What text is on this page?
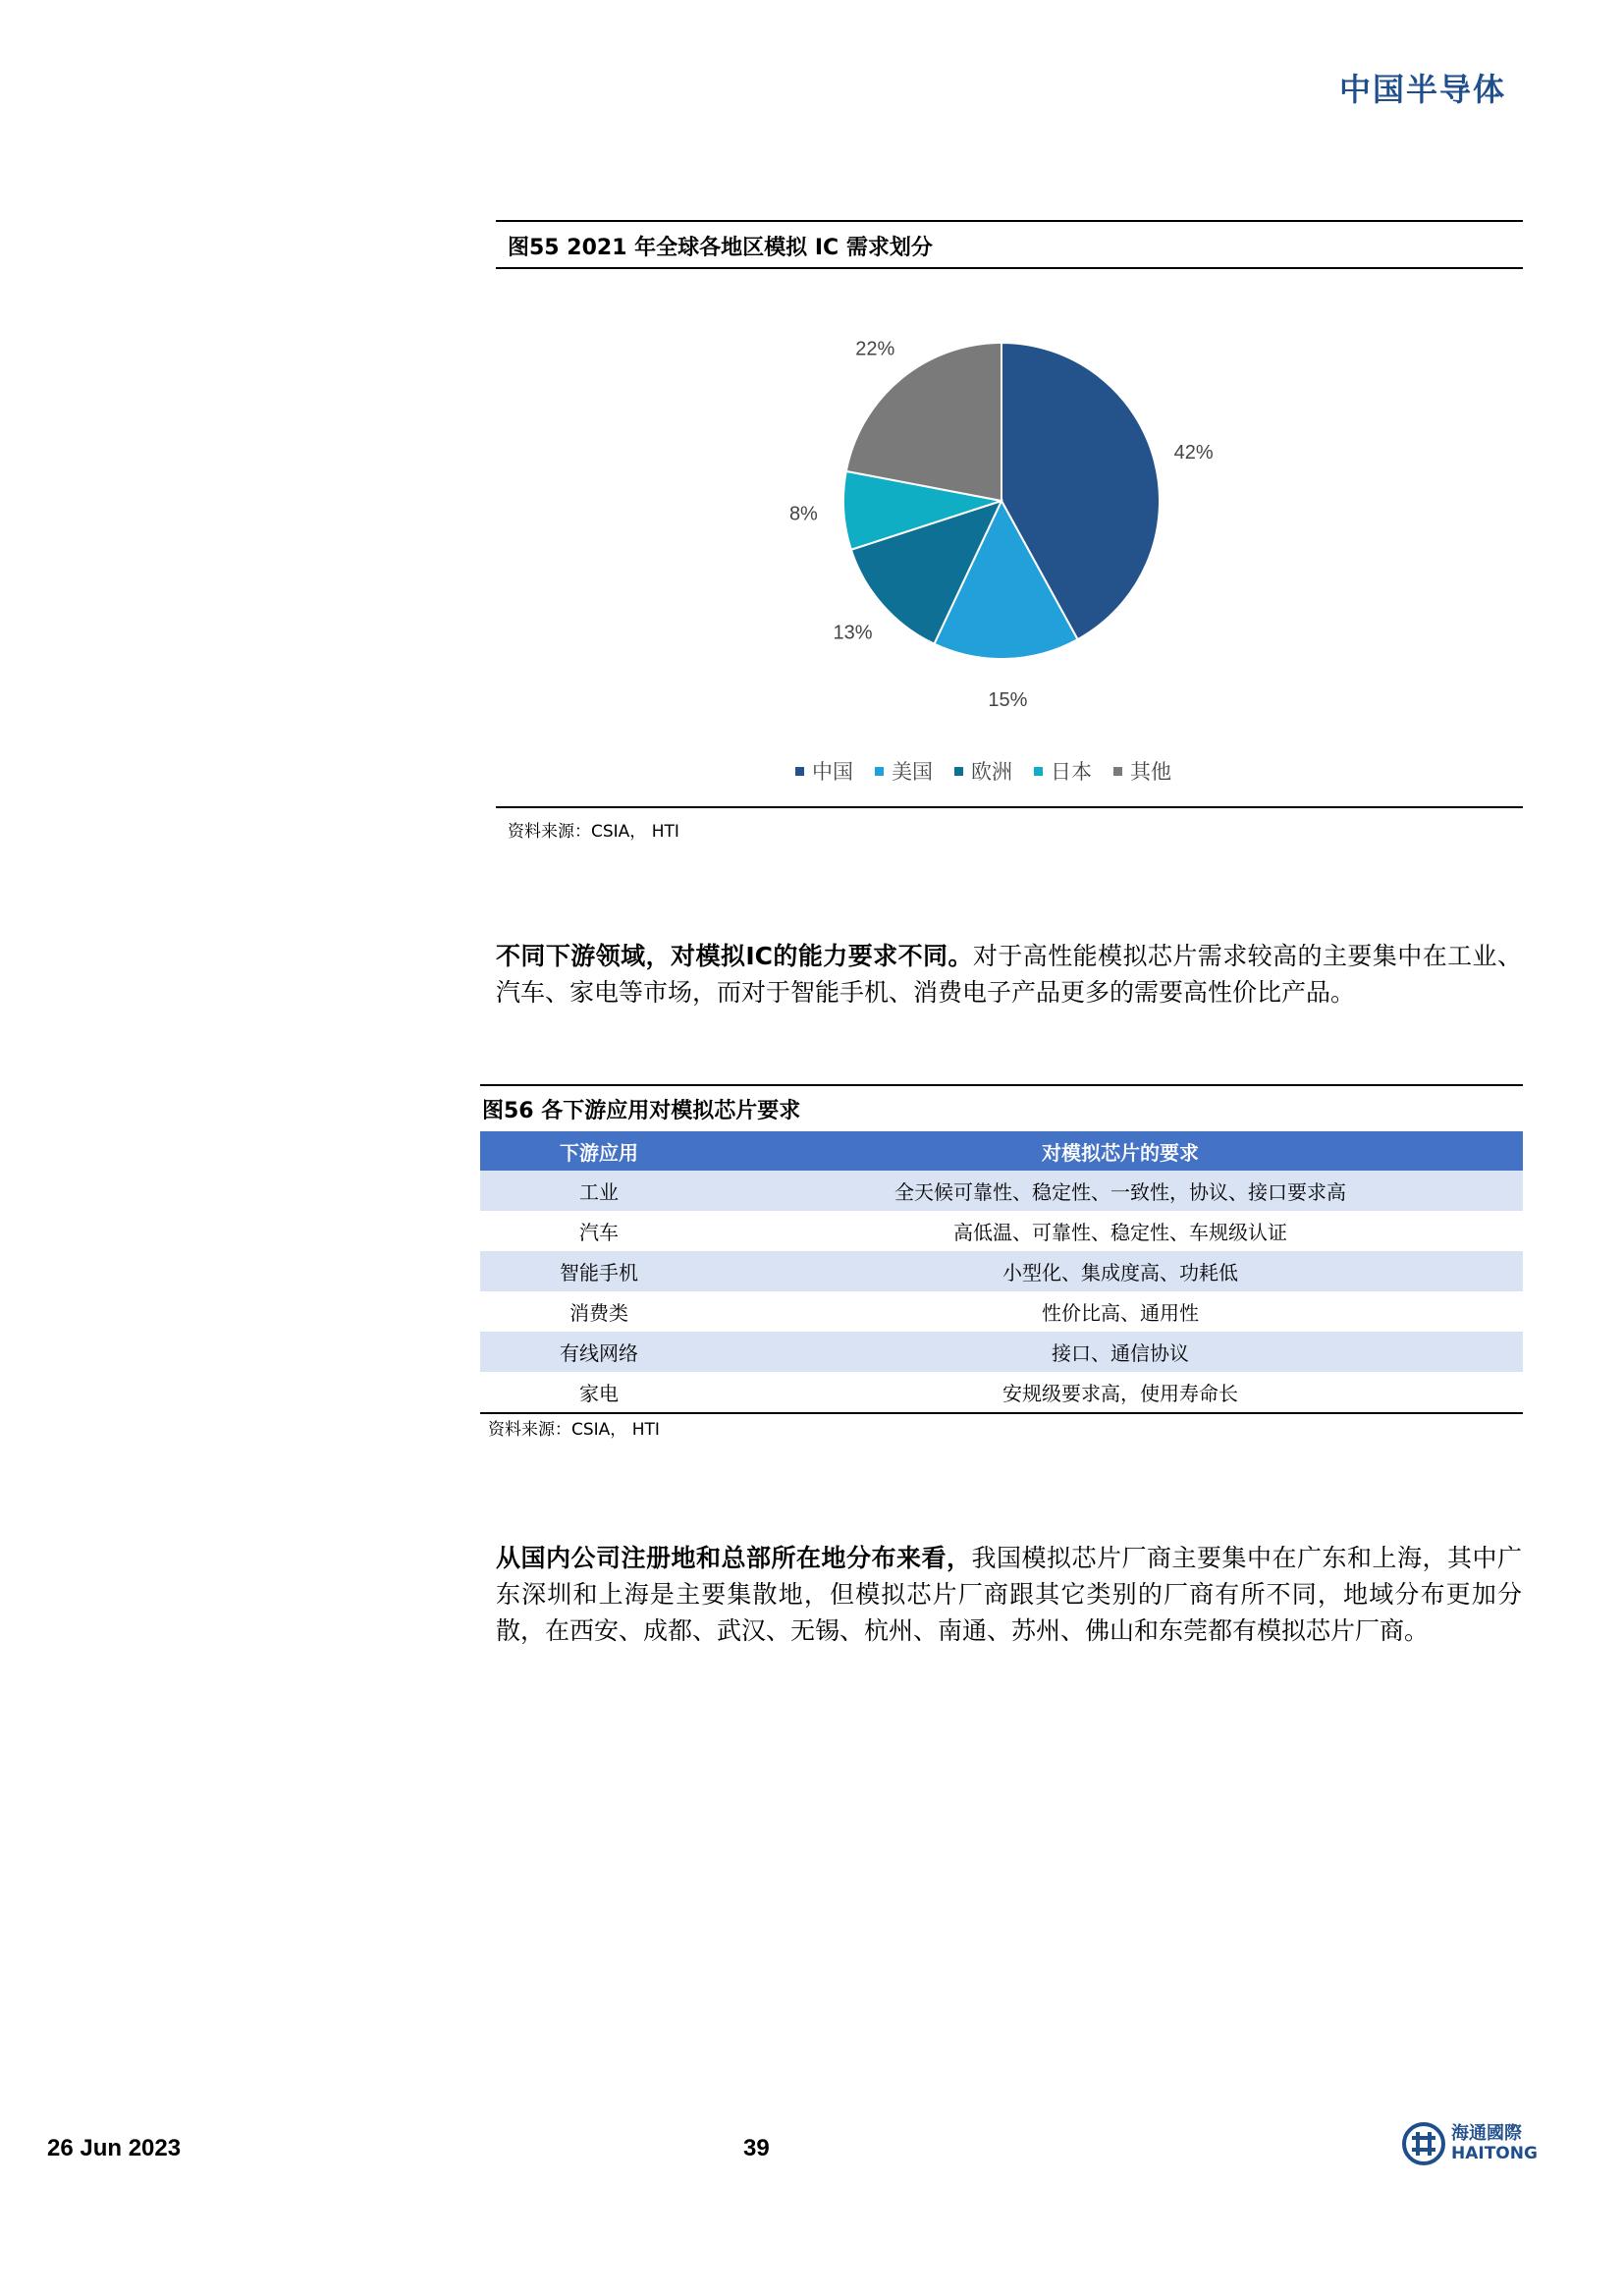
中国半导体
图55 2021 年全球各地区模拟 IC 需求划分
42%
15%
13%
8%
22%
中国 美国 欧洲 日本 其他
资料来源：CSIA， HTI
不同下游领域，对模拟IC的能力要求不同。对于高性能模拟芯片需求较高的主要集中在工业、汽车、家电等市场，而对于智能手机、消费电子产品更多的需要高性价比产品。
图56 各下游应用对模拟芯片要求
下游应用	对模拟芯片的要求
工业	全天候可靠性、稳定性、一致性，协议、接口要求高
汽车	高低温、可靠性、稳定性、车规级认证
智能手机	小型化、集成度高、功耗低
消费类	性价比高、通用性
有线网络	接口、通信协议
家电	安规级要求高，使用寿命长
资料来源：CSIA， HTI
从国内公司注册地和总部所在地分布来看，我国模拟芯片厂商主要集中在广东和上海，其中广东深圳和上海是主要集散地，但模拟芯片厂商跟其它类别的厂商有所不同，地域分布更加分散，在西安、成都、武汉、无锡、杭州、南通、苏州、佛山和东莞都有模拟芯片厂商。
26 Jun 2023	39
海通國際
HAITONG
